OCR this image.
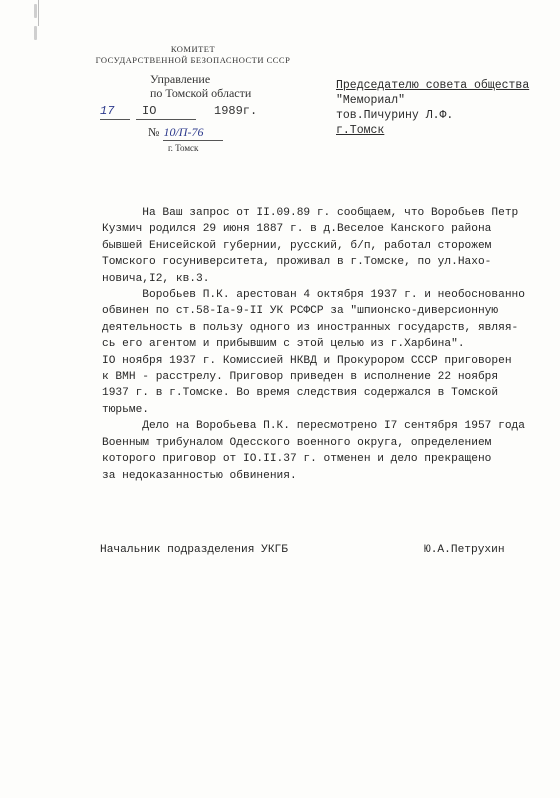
КОМИТЕТ
ГОСУДАРСТВЕННОЙ БЕЗОПАСНОСТИ СССР
Управление
по Томской области
17 IO	1989г.
№ 10/П-76
г. Томск
Председателю совета общества
"Мемориал"
тов.Пичурину Л.Ф.
г.Томск

На Ваш запрос от II.09.89 г. сообщаем, что Воробьев Петр

Кузмич родился 29 июня 1887 г. в д.Веселое Канского района

бывшей Енисейской губернии, русский, б/п, работал сторожем

Томского госуниверситета, проживал в г.Томске, по ул.Нахо-

новича,I2, кв.3.

Воробьев П.К. арестован 4 октября 1937 г. и необоснованно

обвинен по ст.58-Iа-9-II УК РСФСР за "шпионско-диверсионную

деятельность в пользу одного из иностранных государств, являя-

сь его агентом и прибывшим с этой целью из г.Харбина".

IO ноября 1937 г. Комиссией НКВД и Прокурором СССР приговорен

к ВМН - расстрелу. Приговор приведен в исполнение 22 ноября

1937 г. в г.Томске. Во время следствия содержался в Томской

тюрьме.

Дело на Воробьева П.К. пересмотрено I7 сентября 1957 года

Военным трибуналом Одесского военного округа, определением

которого приговор от IO.II.37 г. отменен и дело прекращено

за недоказанностью обвинения.

Начальник подразделения УКГБ	Ю.А.Петрухин
